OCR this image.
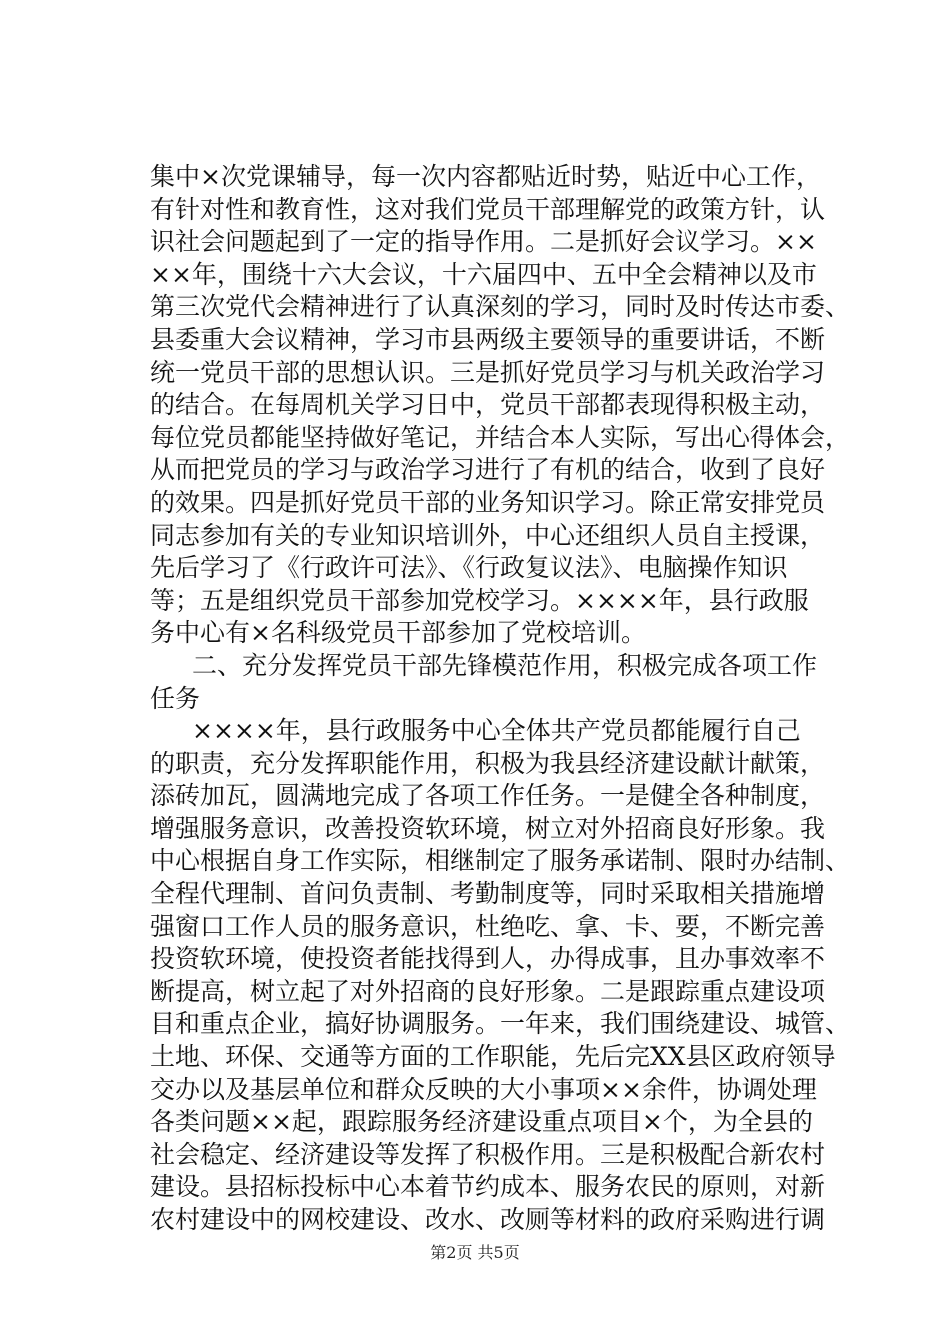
集中×次党课辅导，每一次内容都贴近时势，贴近中心工作，
有针对性和教育性，这对我们党员干部理解党的政策方针，认
识社会问题起到了一定的指导作用。二是抓好会议学习。××
××年，围绕十六大会议，十六届四中、五中全会精神以及市
第三次党代会精神进行了认真深刻的学习，同时及时传达市委、
县委重大会议精神，学习市县两级主要领导的重要讲话，不断
统一党员干部的思想认识。三是抓好党员学习与机关政治学习
的结合。在每周机关学习日中，党员干部都表现得积极主动，
每位党员都能坚持做好笔记，并结合本人实际，写出心得体会，
从而把党员的学习与政治学习进行了有机的结合，收到了良好
的效果。四是抓好党员干部的业务知识学习。除正常安排党员
同志参加有关的专业知识培训外，中心还组织人员自主授课，
先后学习了《行政许可法》、《行政复议法》、电脑操作知识
等；五是组织党员干部参加党校学习。××××年，县行政服
务中心有×名科级党员干部参加了党校培训。
二、充分发挥党员干部先锋模范作用，积极完成各项工作
任务
××××年，县行政服务中心全体共产党员都能履行自己
的职责，充分发挥职能作用，积极为我县经济建设献计献策，
添砖加瓦，圆满地完成了各项工作任务。一是健全各种制度，
增强服务意识，改善投资软环境，树立对外招商良好形象。我
中心根据自身工作实际，相继制定了服务承诺制、限时办结制、
全程代理制、首问负责制、考勤制度等，同时采取相关措施增
强窗口工作人员的服务意识，杜绝吃、拿、卡、要，不断完善
投资软环境，使投资者能找得到人，办得成事，且办事效率不
断提高，树立起了对外招商的良好形象。二是跟踪重点建设项
目和重点企业，搞好协调服务。一年来，我们围绕建设、城管、
土地、环保、交通等方面的工作职能，先后完XX县区政府领导
交办以及基层单位和群众反映的大小事项××余件，协调处理
各类问题××起，跟踪服务经济建设重点项目×个，为全县的
社会稳定、经济建设等发挥了积极作用。三是积极配合新农村
建设。县招标投标中心本着节约成本、服务农民的原则，对新
农村建设中的网校建设、改水、改厕等材料的政府采购进行调
第2页 共5页
